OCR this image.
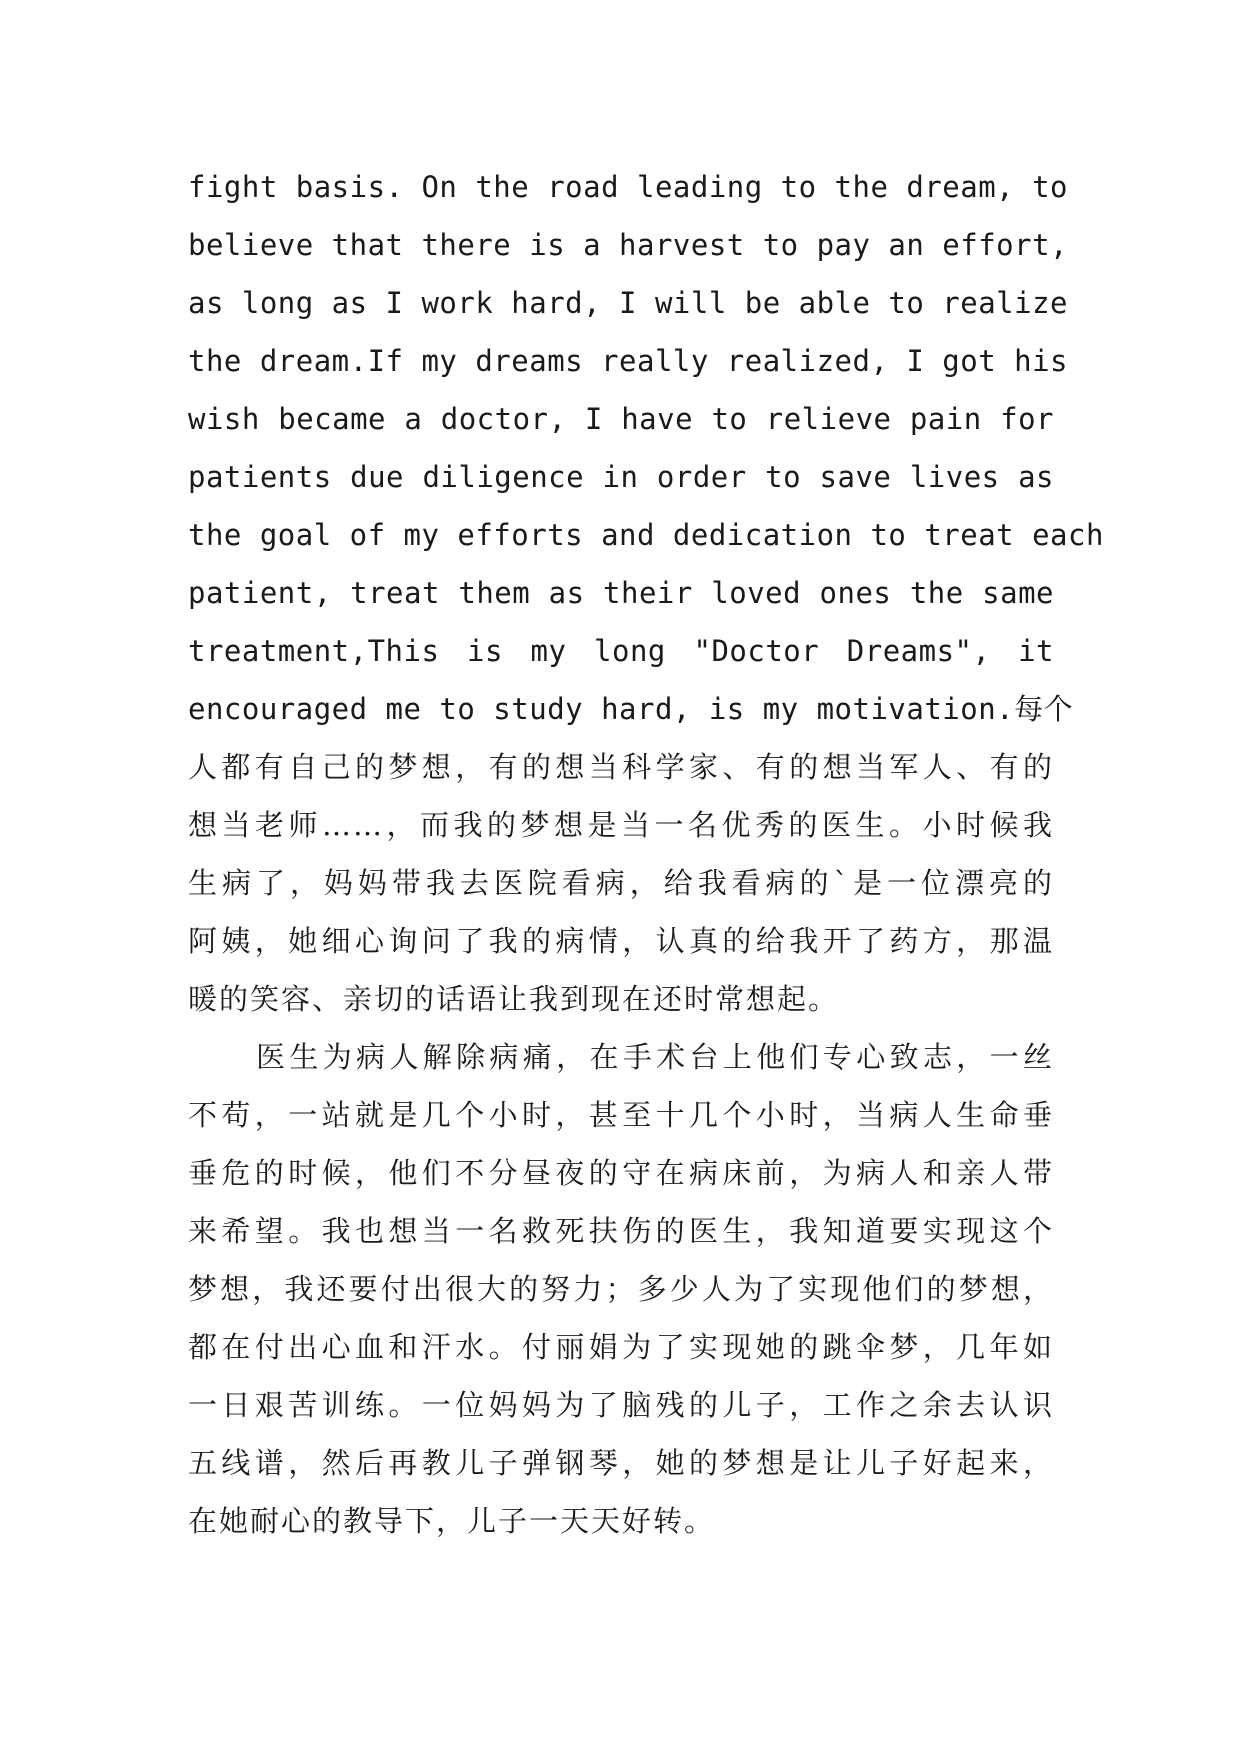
fight basis. On the road leading to the dream, to
believe that there is a harvest to pay an effort,
as long as I work hard, I will be able to realize
the dream.If my dreams really realized, I got his
wish became a doctor, I have to relieve pain for
patients due diligence in order to save lives as
the goal of my efforts and dedication to treat each
patient, treat them as their loved ones the same
treatment,This is my long "Doctor Dreams", it
encouraged me to study hard, is my motivation.每个
人都有自己的梦想，有的想当科学家、有的想当军人、有的
想当老师……，而我的梦想是当一名优秀的医生。小时候我
生病了，妈妈带我去医院看病，给我看病的`是一位漂亮的
阿姨，她细心询问了我的病情，认真的给我开了药方，那温
暖的笑容、亲切的话语让我到现在还时常想起。
医生为病人解除病痛，在手术台上他们专心致志，一丝
不苟，一站就是几个小时，甚至十几个小时，当病人生命垂
垂危的时候，他们不分昼夜的守在病床前，为病人和亲人带
来希望。我也想当一名救死扶伤的医生，我知道要实现这个
梦想，我还要付出很大的努力；多少人为了实现他们的梦想，
都在付出心血和汗水。付丽娟为了实现她的跳伞梦，几年如
一日艰苦训练。一位妈妈为了脑残的儿子，工作之余去认识
五线谱，然后再教儿子弹钢琴，她的梦想是让儿子好起来，
在她耐心的教导下，儿子一天天好转。
